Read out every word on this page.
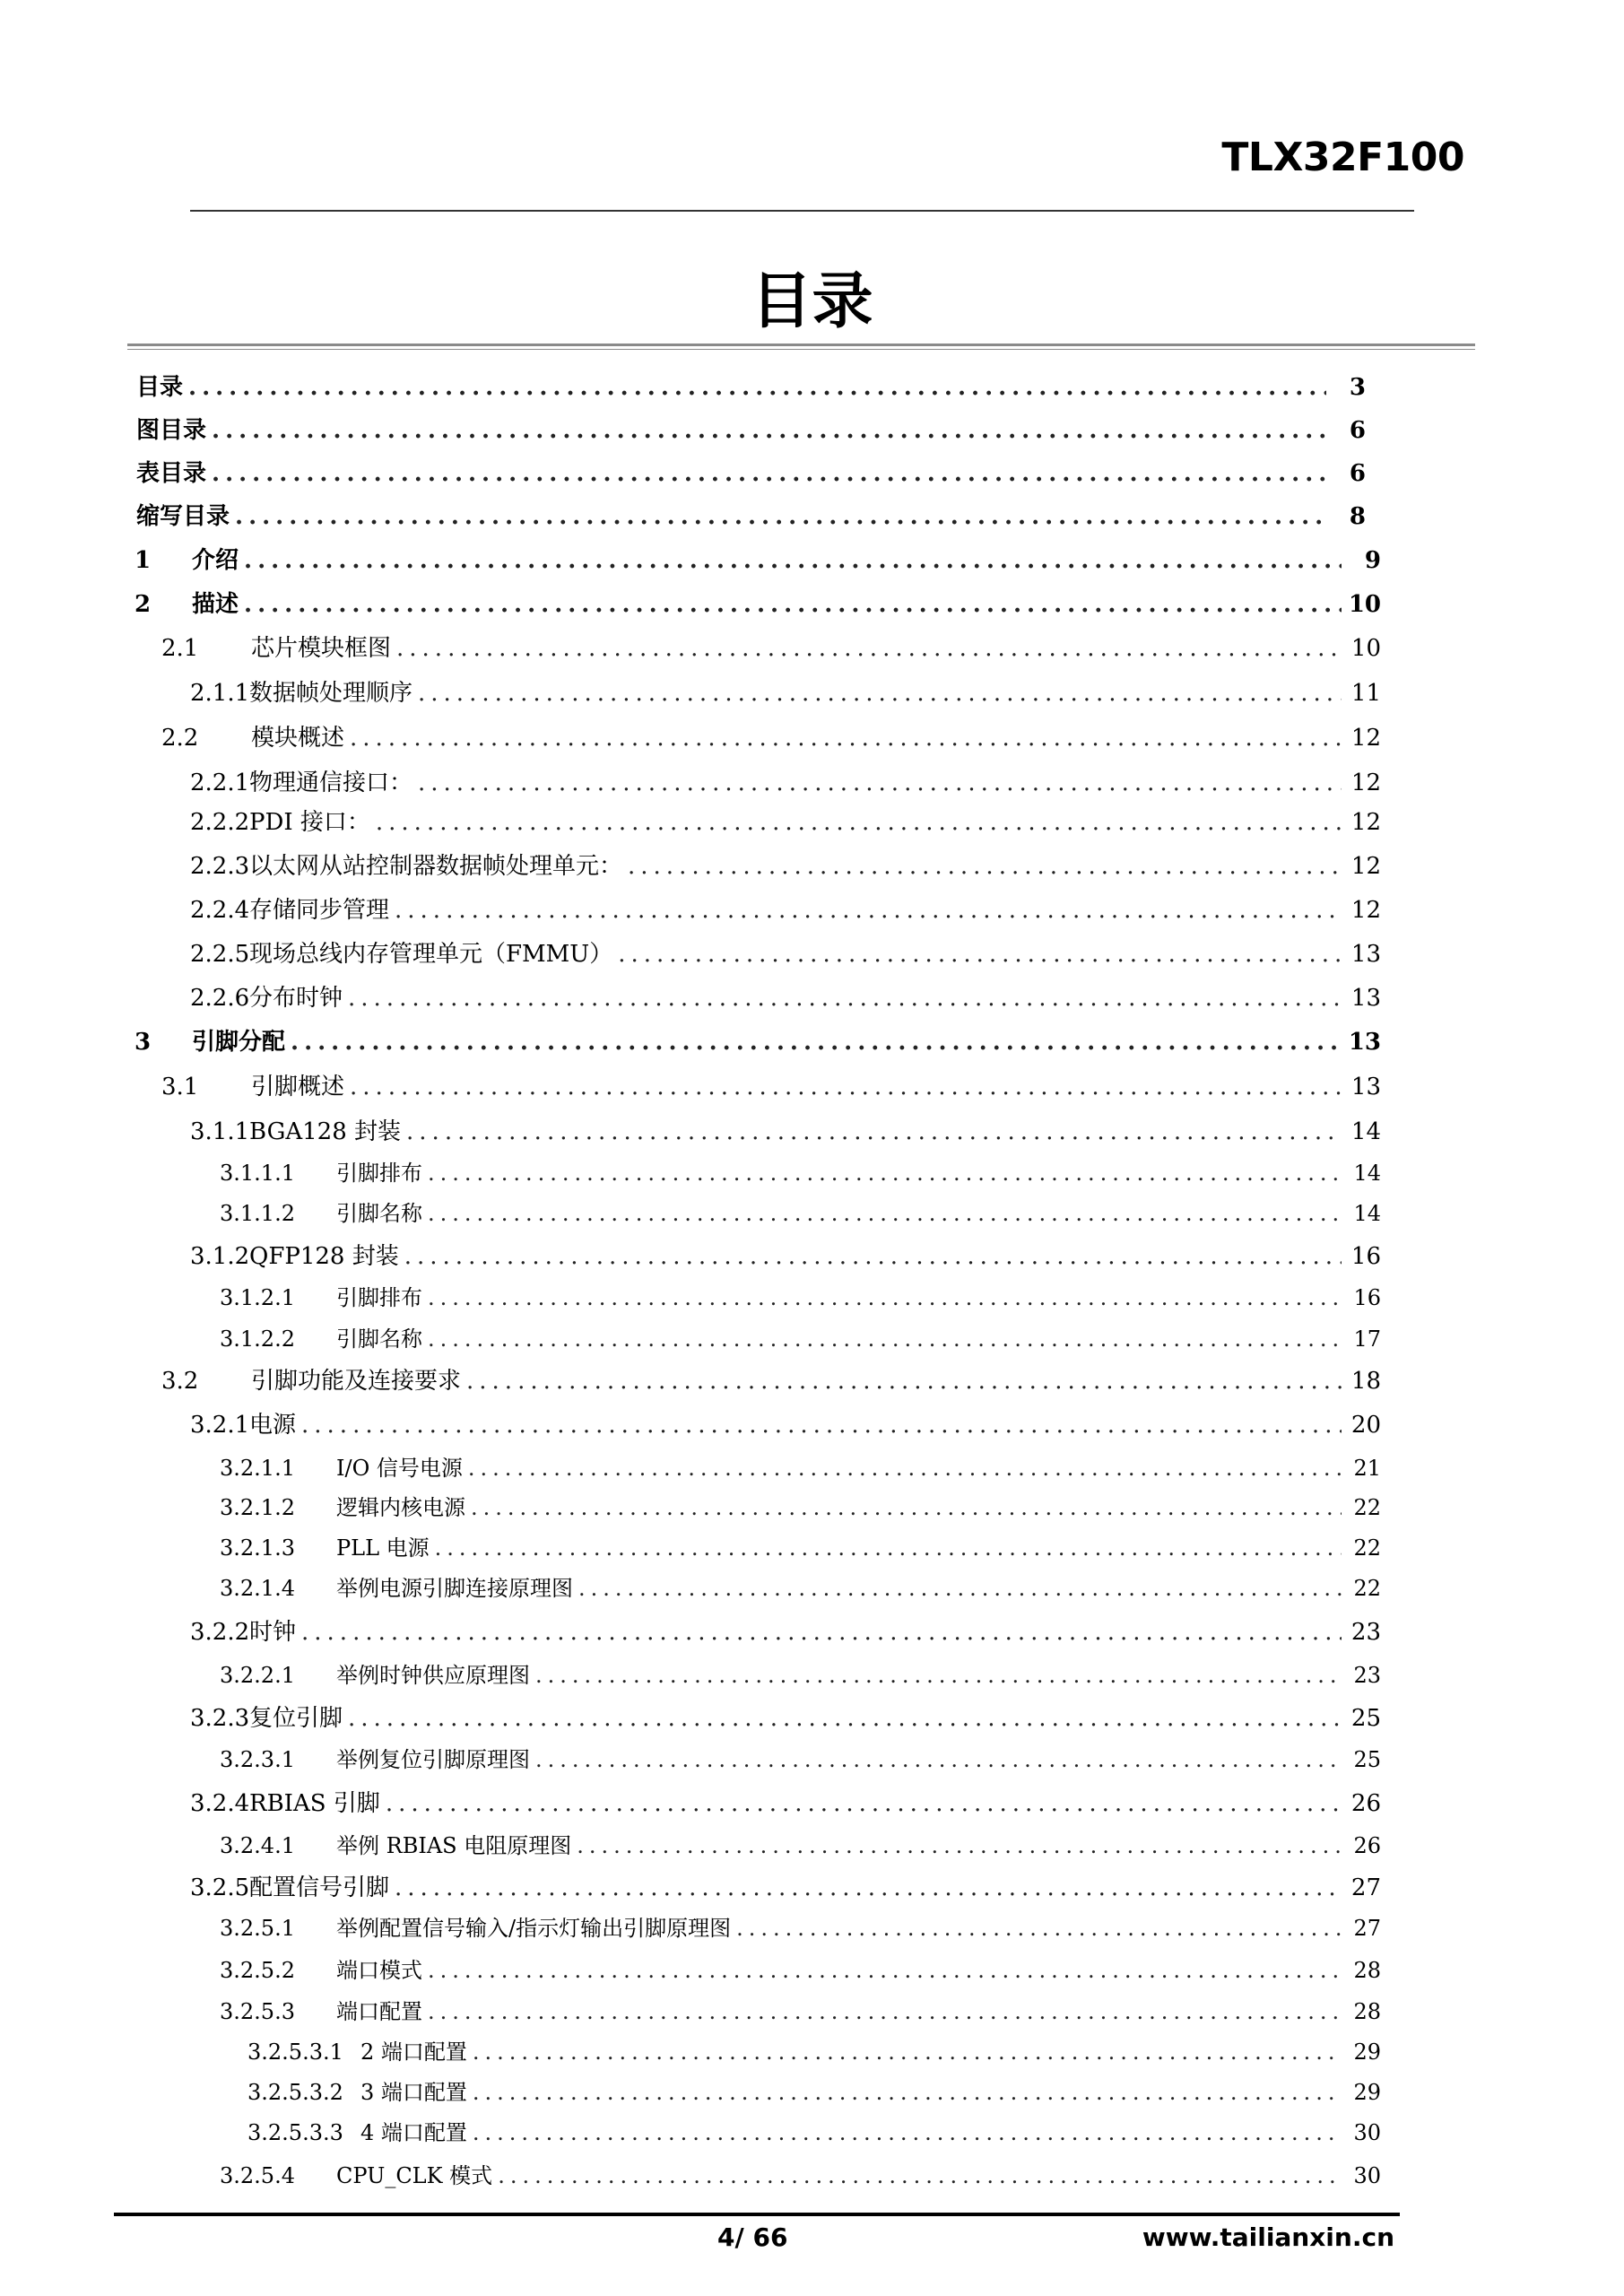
TLX32F100
目录
目录 .....	3
图目录 .....	6
表目录 .....	6
缩写目录 .....	8
1	介绍 .....	9
2	描述 .....	10
2.1	芯片模块框图 .....	10
2.1.1 数据帧处理顺序 .....	11
2.2	模块概述 .....	12
2.2.1 物理通信接口： .....	12
2.2.2 PDI 接口： .....	12
2.2.3 以太网从站控制器数据帧处理单元： .....	12
2.2.4 存储同步管理 .....	12
2.2.5 现场总线内存管理单元（FMMU） .....	13
2.2.6 分布时钟 .....	13
3	引脚分配 .....	13
3.1	引脚概述 .....	13
3.1.1 BGA128 封装 .....	14
3.1.1.1	引脚排布 .....	14
3.1.1.2	引脚名称 .....	14
3.1.2 QFP128 封装 .....	16
3.1.2.1	引脚排布 .....	16
3.1.2.2	引脚名称 .....	17
3.2	引脚功能及连接要求 .....	18
3.2.1 电源 .....	20
3.2.1.1	I/O 信号电源 .....	21
3.2.1.2	逻辑内核电源 .....	22
3.2.1.3	PLL 电源 .....	22
3.2.1.4	举例电源引脚连接原理图 .....	22
3.2.2 时钟 .....	23
3.2.2.1	举例时钟供应原理图 .....	23
3.2.3 复位引脚 .....	25
3.2.3.1	举例复位引脚原理图 .....	25
3.2.4 RBIAS 引脚 .....	26
3.2.4.1	举例 RBIAS 电阻原理图 .....	26
3.2.5 配置信号引脚 .....	27
3.2.5.1	举例配置信号输入/指示灯输出引脚原理图 .....	27
3.2.5.2	端口模式 .....	28
3.2.5.3	端口配置 .....	28
3.2.5.3.1 2 端口配置 .....	29
3.2.5.3.2 3 端口配置 .....	29
3.2.5.3.3 4 端口配置 .....	30
3.2.5.4	CPU_CLK 模式 .....	30
4/ 66	www.tailianxin.cn
